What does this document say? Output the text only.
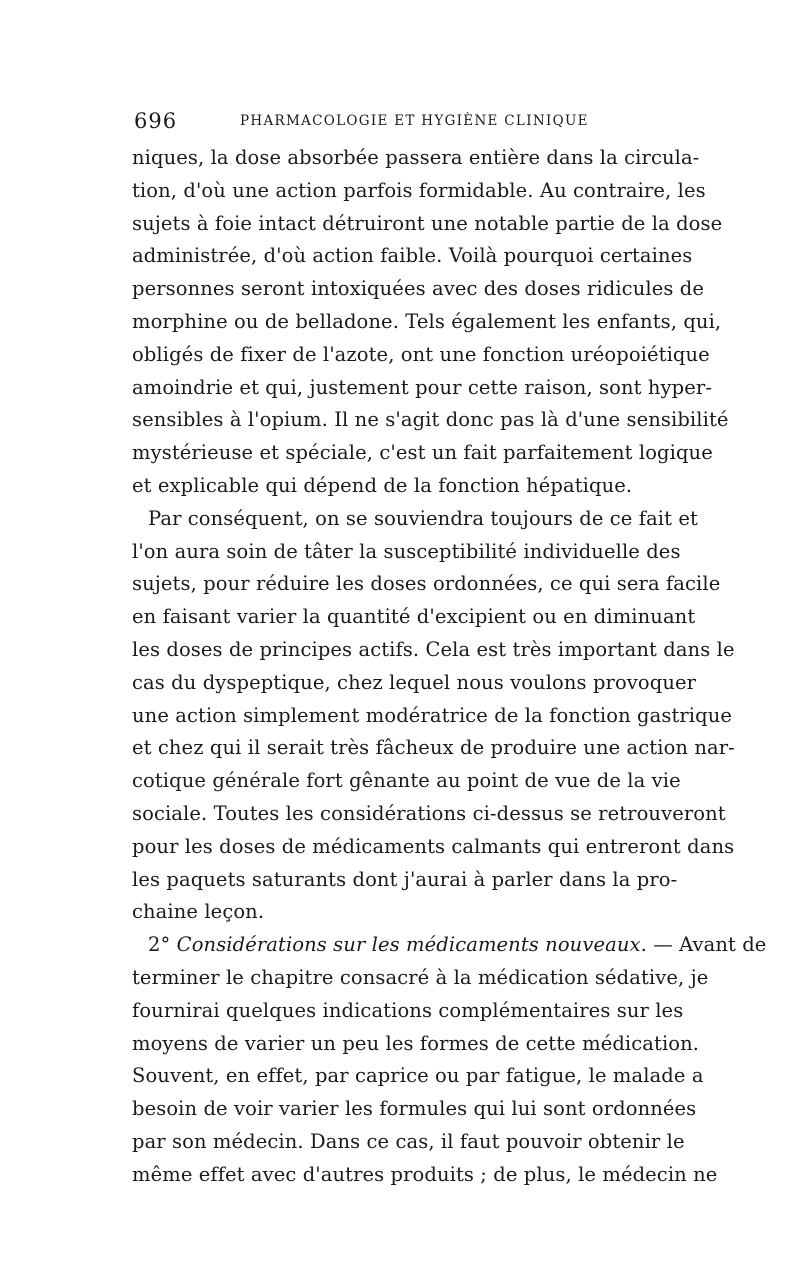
696	PHARMACOLOGIE ET HYGIÈNE CLINIQUE
niques, la dose absorbée passera entière dans la circula-
tion, d'où une action parfois formidable. Au contraire, les
sujets à foie intact détruiront une notable partie de la dose
administrée, d'où action faible. Voilà pourquoi certaines
personnes seront intoxiquées avec des doses ridicules de
morphine ou de belladone. Tels également les enfants, qui,
obligés de fixer de l'azote, ont une fonction uréopoiétique
amoindrie et qui, justement pour cette raison, sont hyper-
sensibles à l'opium. Il ne s'agit donc pas là d'une sensibilité
mystérieuse et spéciale, c'est un fait parfaitement logique
et explicable qui dépend de la fonction hépatique.
Par conséquent, on se souviendra toujours de ce fait et
l'on aura soin de tâter la susceptibilité individuelle des
sujets, pour réduire les doses ordonnées, ce qui sera facile
en faisant varier la quantité d'excipient ou en diminuant
les doses de principes actifs. Cela est très important dans le
cas du dyspeptique, chez lequel nous voulons provoquer
une action simplement modératrice de la fonction gastrique
et chez qui il serait très fâcheux de produire une action nar-
cotique générale fort gênante au point de vue de la vie
sociale. Toutes les considérations ci-dessus se retrouveront
pour les doses de médicaments calmants qui entreront dans
les paquets saturants dont j'aurai à parler dans la pro-
chaine leçon.
2° Considérations sur les médicaments nouveaux. — Avant de
terminer le chapitre consacré à la médication sédative, je
fournirai quelques indications complémentaires sur les
moyens de varier un peu les formes de cette médication.
Souvent, en effet, par caprice ou par fatigue, le malade a
besoin de voir varier les formules qui lui sont ordonnées
par son médecin. Dans ce cas, il faut pouvoir obtenir le
même effet avec d'autres produits ; de plus, le médecin ne
